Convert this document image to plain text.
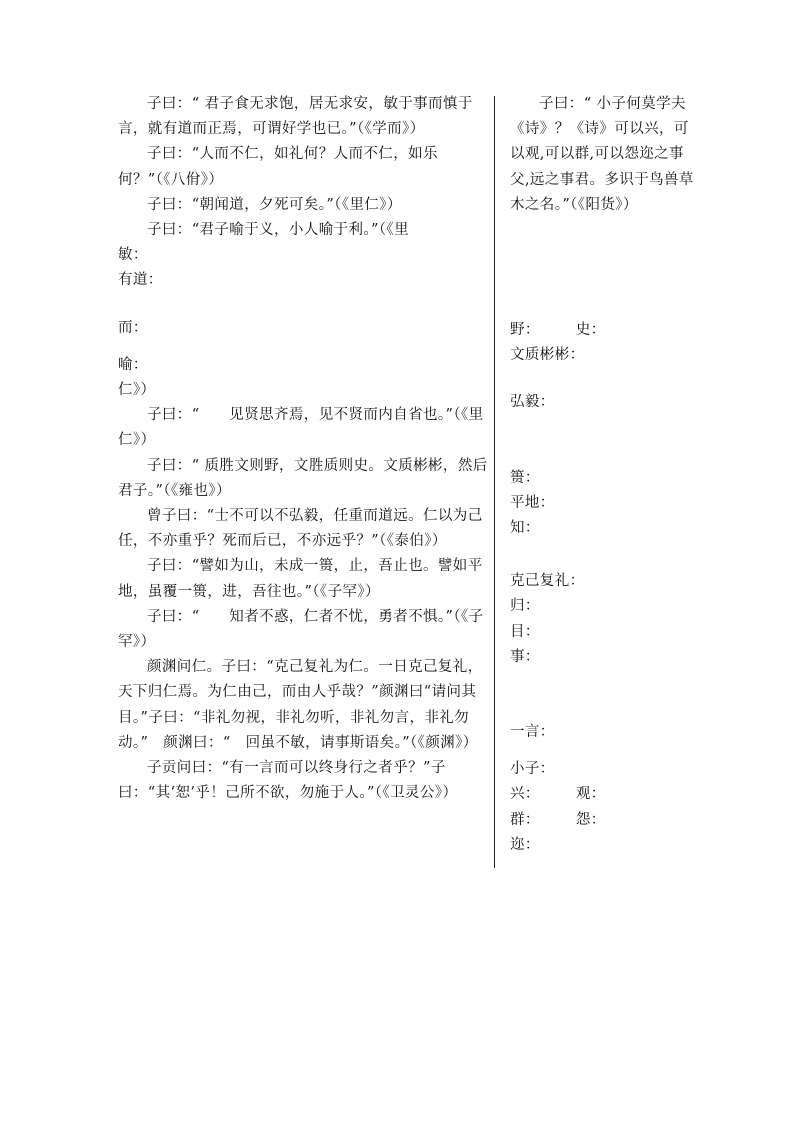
子曰：“ 君子食无求饱，居无求安，敏于事而慎于言，就有道而正焉，可谓好学也已。”（《学而》）

子曰：“人而不仁，如礼何？人而不仁，如乐何？”（《八佾》）

子曰：“朝闻道，夕死可矣。”（《里仁》）

子曰：“君子喻于义，小人喻于利。”（《里

敏：

有道：

而：

喻：

仁》）

子曰：“　　见贤思齐焉，见不贤而内自省也。”（《里仁》）

子曰：“ 质胜文则野，文胜质则史。文质彬彬，然后君子。”（《雍也》）

曾子曰：“士不可以不弘毅，任重而道远。仁以为己任，不亦重乎？死而后已，不亦远乎？”（《泰伯》）

子曰：“譬如为山，未成一篑，止，吾止也。譬如平地，虽覆一篑，进，吾往也。”（《子罕》）

子曰：“　　知者不惑，仁者不忧，勇者不惧。”（《子罕》）

颜渊问仁。子曰：“克己复礼为仁。一日克己复礼，天下归仁焉。为仁由己，而由人乎哉？”颜渊曰“请问其目。”子曰：“非礼勿视，非礼勿听，非礼勿言，非礼勿动。”　颜渊曰：“　回虽不敏，请事斯语矣。”（《颜渊》）

子贡问曰：“有一言而可以终身行之者乎？”子曰：“其‘恕’乎！己所不欲，勿施于人。”（《卫灵公》）

子曰：“ 小子何莫学夫《诗》？《诗》可以兴，可以观,可以群,可以怨迩之事父,远之事君。多识于鸟兽草木之名。”（《阳货》）

野： 史：

文质彬彬：

弘毅：

篑：

平地：

知：

克己复礼：

归：

目：

事：

一言：

小子：

兴： 观：

群： 怨：迩：
